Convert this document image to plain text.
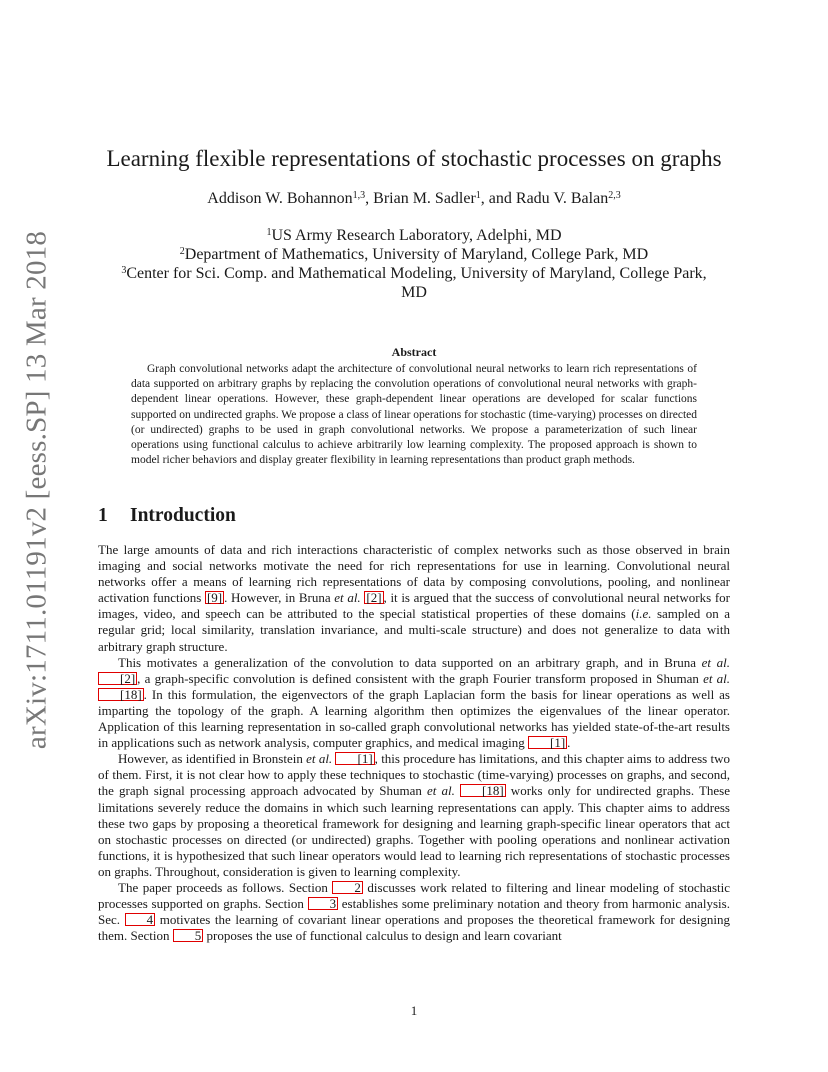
arXiv:1711.01191v2 [eess.SP] 13 Mar 2018
Learning flexible representations of stochastic processes on graphs
Addison W. Bohannon$^{1,3}$, Brian M. Sadler$^1$, and Radu V. Balan$^{2,3}$
$^1$US Army Research Laboratory, Adelphi, MD
$^2$Department of Mathematics, University of Maryland, College Park, MD
$^3$Center for Sci. Comp. and Mathematical Modeling, University of Maryland, College Park,
MD
Abstract
Graph convolutional networks adapt the architecture of convolutional neural networks to learn rich representations of data supported on arbitrary graphs by replacing the convolution operations of convolutional neural networks with graph-dependent linear operations. However, these graph-dependent linear operations are developed for scalar functions supported on undirected graphs. We propose a class of linear operations for stochastic (time-varying) processes on directed (or undirected) graphs to be used in graph convolutional networks. We propose a parameterization of such linear operations using functional calculus to achieve arbitrarily low learning complexity. The proposed approach is shown to model richer behaviors and display greater flexibility in learning representations than product graph methods.
1 Introduction

The large amounts of data and rich interactions characteristic of complex networks such as those observed in brain imaging and social networks motivate the need for rich representations for use in learning. Convolutional neural networks offer a means of learning rich representations of data by composing convolutions, pooling, and nonlinear activation functions [9] . However, in Bruna et al. [2] , it is argued that the success of convolutional neural networks for images, video, and speech can be attributed to the special statistical properties of these domains (i.e. sampled on a regular grid; local similarity, translation invariance, and multi-scale structure) and does not generalize to data with arbitrary graph structure.

This motivates a generalization of the convolution to data supported on an arbitrary graph, and in Bruna et al. [2] , a graph-specific convolution is defined consistent with the graph Fourier transform proposed in Shuman et al. [18] . In this formulation, the eigenvectors of the graph Laplacian form the basis for linear operations as well as imparting the topology of the graph. A learning algorithm then optimizes the eigenvalues of the linear operator. Application of this learning representation in so-called graph convolutional networks has yielded state-of-the-art results in applications such as network analysis, computer graphics, and medical imaging [1] .

However, as identified in Bronstein et al. [1] , this procedure has limitations, and this chapter aims to address two of them. First, it is not clear how to apply these techniques to stochastic (time-varying) processes on graphs, and second, the graph signal processing approach advocated by Shuman et al. [18] works only for undirected graphs. These limitations severely reduce the domains in which such learning representations can apply. This chapter aims to address these two gaps by proposing a theoretical framework for designing and learning graph-specific linear operators that act on stochastic processes on directed (or undirected) graphs. Together with pooling operations and nonlinear activation functions, it is hypothesized that such linear operators would lead to learning rich representations of stochastic processes on graphs. Throughout, consideration is given to learning complexity.

The paper proceeds as follows. Section 2 discusses work related to filtering and linear modeling of stochastic processes supported on graphs. Section 3 establishes some preliminary notation and theory from harmonic analysis. Sec. 4 motivates the learning of covariant linear operations and proposes the theoretical framework for designing them. Section 5 proposes the use of functional calculus to design and learn covariant

1
